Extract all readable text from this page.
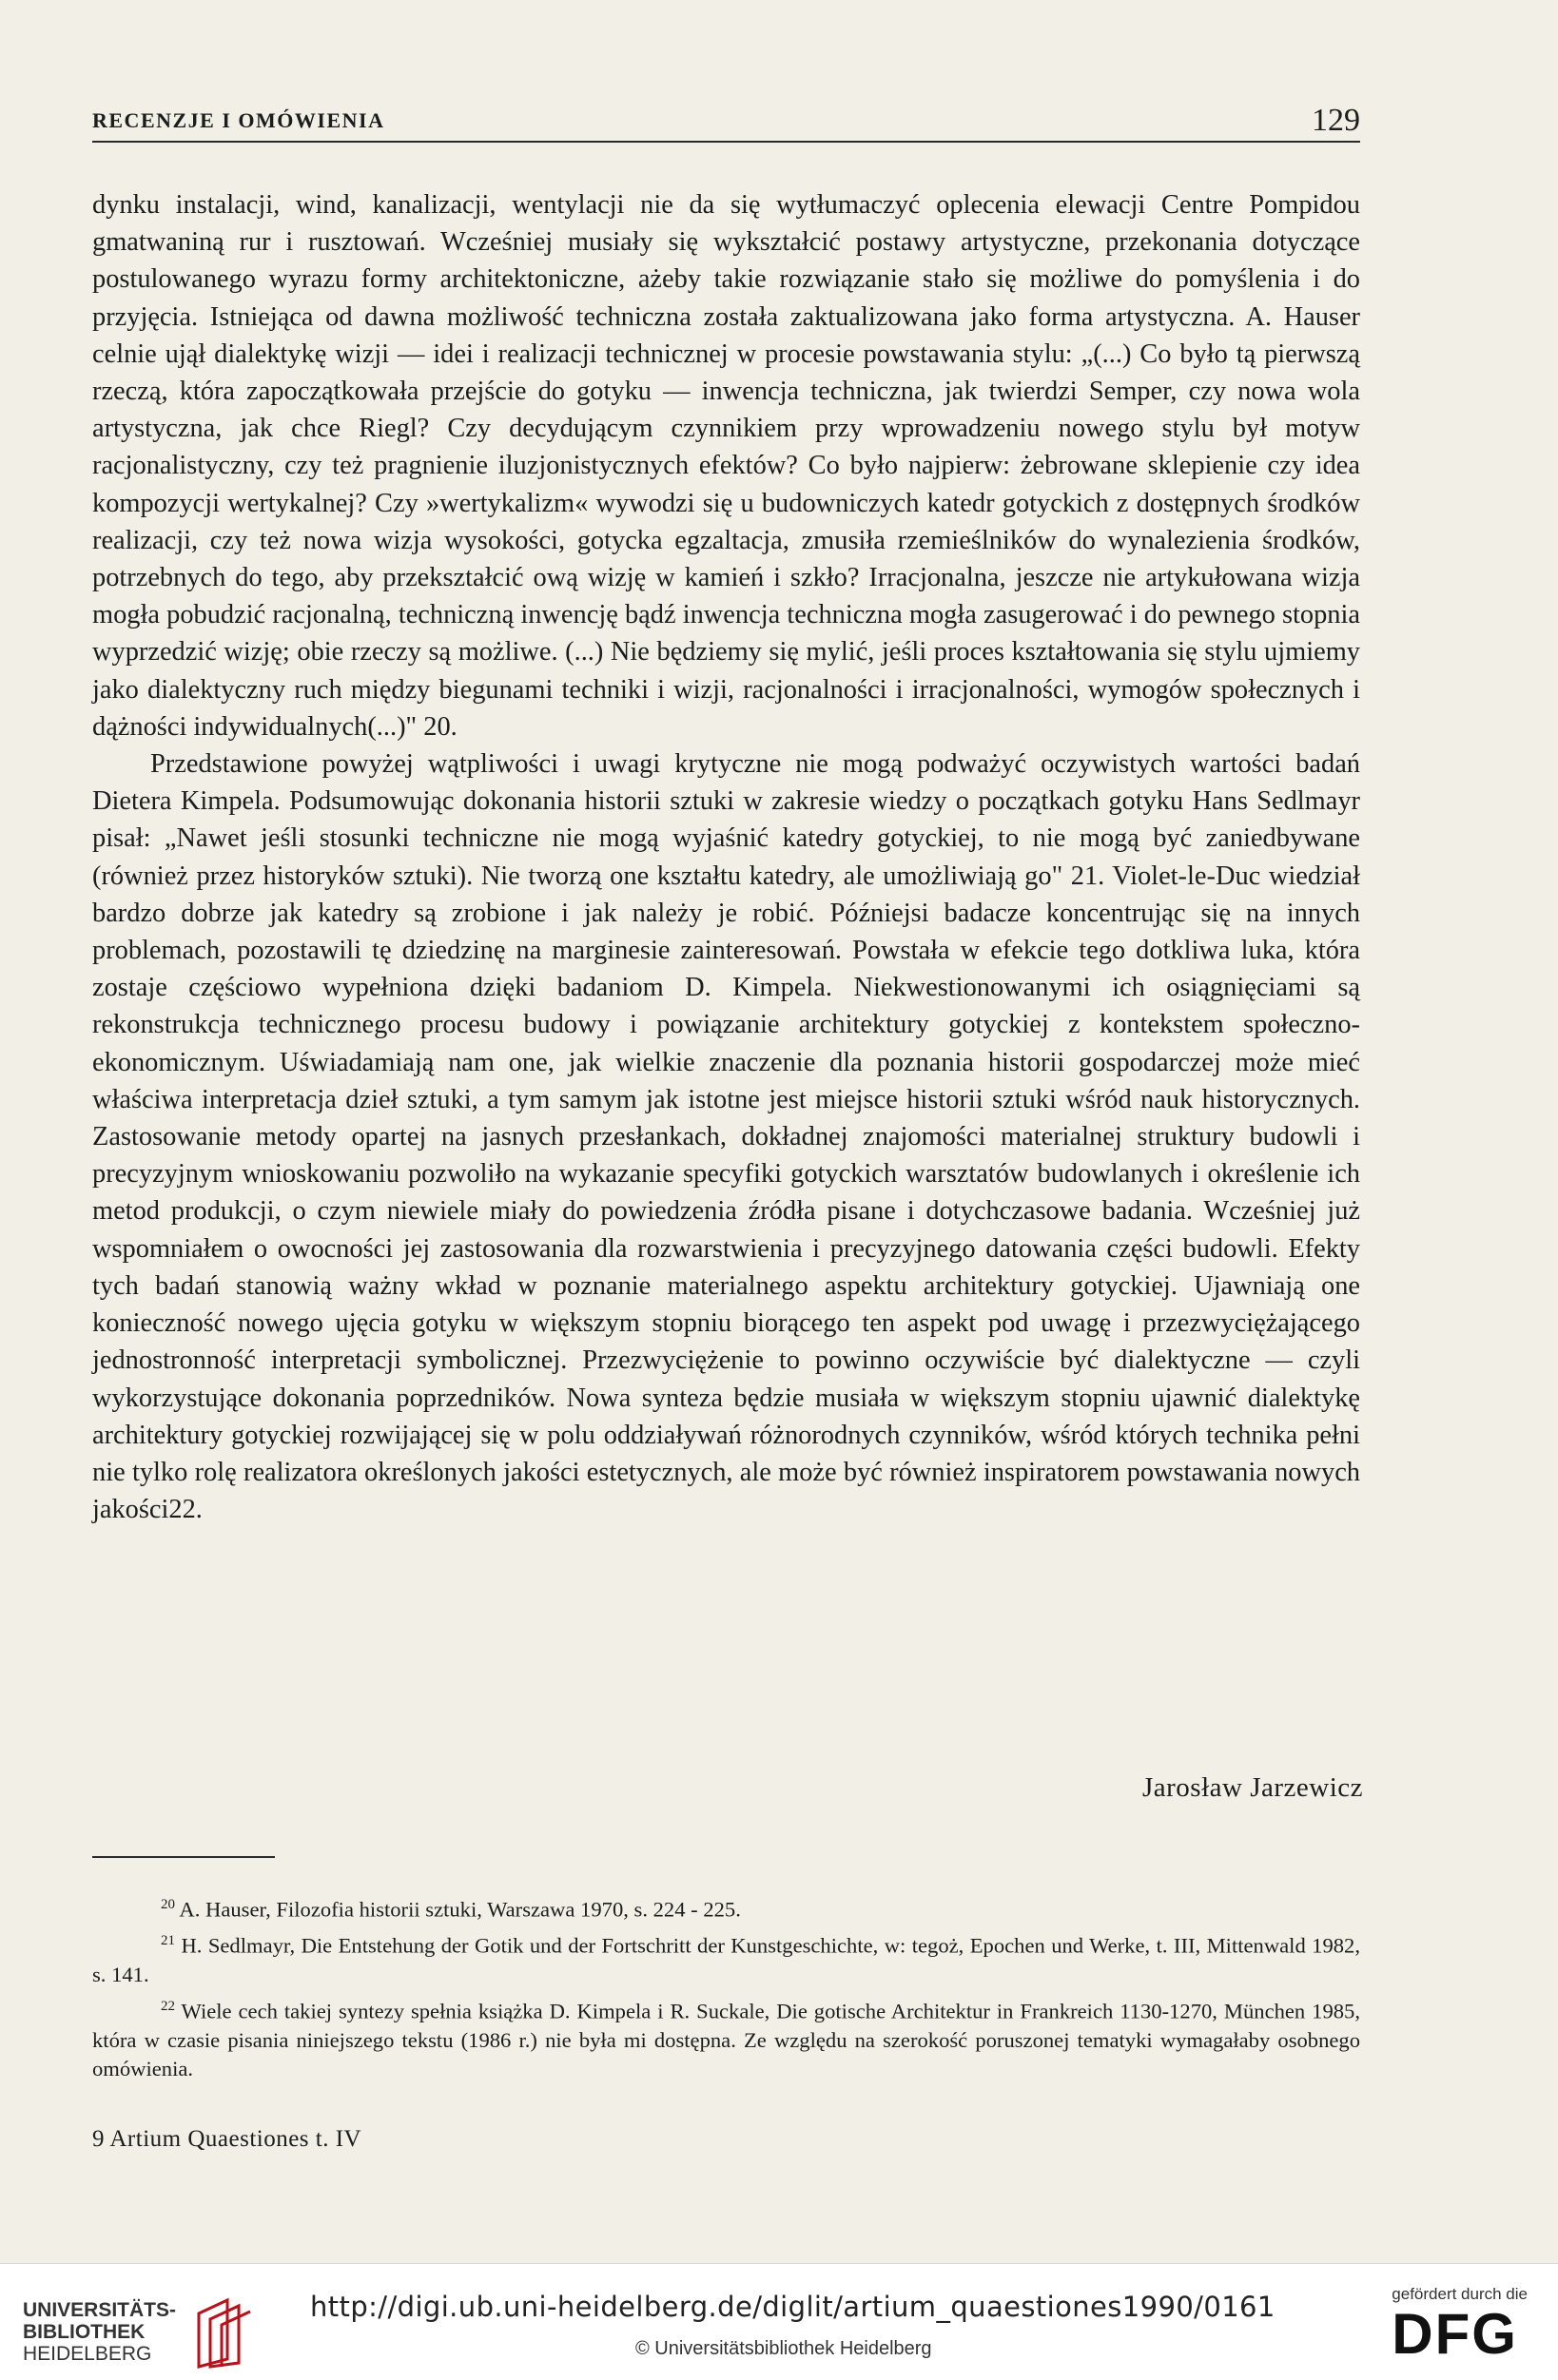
RECENZJE I OMÓWIENIA	129

dynku instalacji, wind, kanalizacji, wentylacji nie da się wytłumaczyć oplecenia elewacji Centre Pompidou gmatwaniną rur i rusztowań. Wcześniej musiały się wykształcić postawy artystyczne, przekonania dotyczące postulowanego wyrazu formy architektoniczne, ażeby takie rozwiązanie stało się możliwe do pomyślenia i do przyjęcia. Istniejąca od dawna możliwość techniczna została zaktualizowana jako forma artystyczna. A. Hauser celnie ujął dialektykę wizji — idei i realizacji technicznej w procesie powstawania stylu: „(...) Co było tą pierwszą rzeczą, która zapoczątkowała przejście do gotyku — inwencja techniczna, jak twierdzi Semper, czy nowa wola artystyczna, jak chce Riegl? Czy decydującym czynnikiem przy wprowadzeniu nowego stylu był motyw racjonalistyczny, czy też pragnienie iluzjonistycznych efektów? Co było najpierw: żebrowane sklepienie czy idea kompozycji wertykalnej? Czy »wertykalizm« wywodzi się u budowniczych katedr gotyckich z dostępnych środków realizacji, czy też nowa wizja wysokości, gotycka egzaltacja, zmusiła rzemieślników do wynalezienia środków, potrzebnych do tego, aby przekształcić ową wizję w kamień i szkło? Irracjonalna, jeszcze nie artykułowana wizja mogła pobudzić racjonalną, techniczną inwencję bądź inwencja techniczna mogła zasugerować i do pewnego stopnia wyprzedzić wizję; obie rzeczy są możliwe. (...) Nie będziemy się mylić, jeśli proces kształtowania się stylu ujmiemy jako dialektyczny ruch między biegunami techniki i wizji, racjonalności i irracjonalności, wymogów społecznych i dążności indywidualnych(...)" 20.

Przedstawione powyżej wątpliwości i uwagi krytyczne nie mogą podważyć oczywistych wartości badań Dietera Kimpela. Podsumowując dokonania historii sztuki w zakresie wiedzy o początkach gotyku Hans Sedlmayr pisał: „Nawet jeśli stosunki techniczne nie mogą wyjaśnić katedry gotyckiej, to nie mogą być zaniedbywane (również przez historyków sztuki). Nie tworzą one kształtu katedry, ale umożliwiają go" 21. Violet-le-Duc wiedział bardzo dobrze jak katedry są zrobione i jak należy je robić. Późniejsi badacze koncentrując się na innych problemach, pozostawili tę dziedzinę na marginesie zainteresowań. Powstała w efekcie tego dotkliwa luka, która zostaje częściowo wypełniona dzięki badaniom D. Kimpela. Niekwestionowanymi ich osiągnięciami są rekonstrukcja technicznego procesu budowy i powiązanie architektury gotyckiej z kontekstem społeczno-ekonomicznym. Uświadamiają nam one, jak wielkie znaczenie dla poznania historii gospodarczej może mieć właściwa interpretacja dzieł sztuki, a tym samym jak istotne jest miejsce historii sztuki wśród nauk historycznych. Zastosowanie metody opartej na jasnych przesłankach, dokładnej znajomości materialnej struktury budowli i precyzyjnym wnioskowaniu pozwoliło na wykazanie specyfiki gotyckich warsztatów budowlanych i określenie ich metod produkcji, o czym niewiele miały do powiedzenia źródła pisane i dotychczasowe badania. Wcześniej już wspomniałem o owocności jej zastosowania dla rozwarstwienia i precyzyjnego datowania części budowli. Efekty tych badań stanowią ważny wkład w poznanie materialnego aspektu architektury gotyckiej. Ujawniają one konieczność nowego ujęcia gotyku w większym stopniu biorącego ten aspekt pod uwagę i przezwyciężającego jednostronność interpretacji symbolicznej. Przezwyciężenie to powinno oczywiście być dialektyczne — czyli wykorzystujące dokonania poprzedników. Nowa synteza będzie musiała w większym stopniu ujawnić dialektykę architektury gotyckiej rozwijającej się w polu oddziaływań różnorodnych czynników, wśród których technika pełni nie tylko rolę realizatora określonych jakości estetycznych, ale może być również inspiratorem powstawania nowych jakości22.

Jarosław Jarzewicz

$^{20}$ A. Hauser, Filozofia historii sztuki, Warszawa 1970, s. 224 - 225.

$^{21}$ H. Sedlmayr, Die Entstehung der Gotik und der Fortschritt der Kunstgeschichte, w: tegoż, Epochen und Werke, t. III, Mittenwald 1982, s. 141.

$^{22}$ Wiele cech takiej syntezy spełnia książka D. Kimpela i R. Suckale, Die gotische Architektur in Frankreich 1130-1270, München 1985, która w czasie pisania niniejszego tekstu (1986 r.) nie była mi dostępna. Ze względu na szerokość poruszonej tematyki wymagałaby osobnego omówienia.

9 Artium Quaestiones t. IV
UNIVERSITÄTS-
BIBLIOTHEK
HEIDELBERG
http://digi.ub.uni-heidelberg.de/diglit/artium_quaestiones1990/0161
© Universitätsbibliothek Heidelberg
gefördert durch die
DFG
